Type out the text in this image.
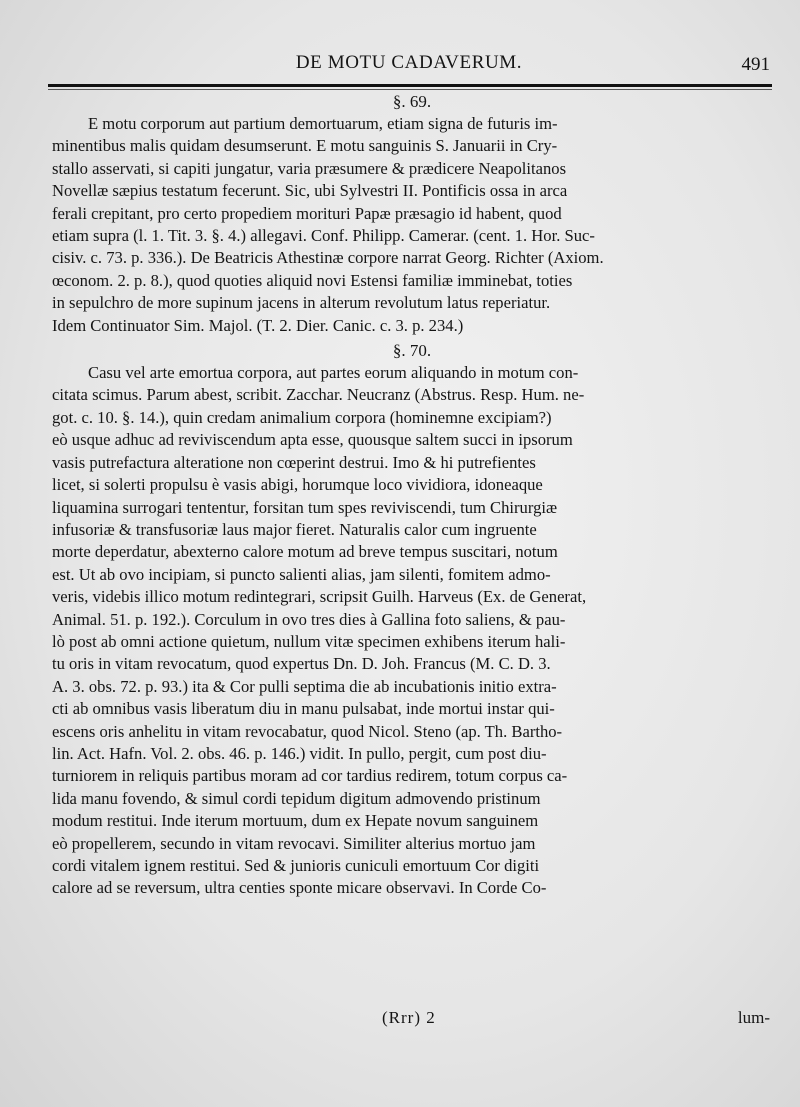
DE MOTU CADAVERUM.	491
§. 69.

E motu corporum aut partium demortuarum, etiam signa de futuris im-
minentibus malis quidam desumserunt. E motu sanguinis S. Januarii in Cry-
stallo asservati, si capiti jungatur, varia præsumere & prædicere Neapolitanos
Novellæ sæpius testatum fecerunt. Sic, ubi Sylvestri II. Pontificis ossa in arca
ferali crepitant, pro certo propediem morituri Papæ præsagio id habent, quod
etiam supra (l. 1. Tit. 3. §. 4.) allegavi. Conf. Philipp. Camerar. (cent. 1. Hor. Suc-
cisiv. c. 73. p. 336.). De Beatricis Athestinæ corpore narrat Georg. Richter (Axiom.
œconom. 2. p. 8.), quod quoties aliquid novi Estensi familiæ imminebat, toties
in sepulchro de more supinum jacens in alterum revolutum latus reperiatur.
Idem Continuator Sim. Majol. (T. 2. Dier. Canic. c. 3. p. 234.)

§. 70.

Casu vel arte emortua corpora, aut partes eorum aliquando in motum con-
citata scimus. Parum abest, scribit. Zacchar. Neucranz (Abstrus. Resp. Hum. ne-
got. c. 10. §. 14.), quin credam animalium corpora (hominemne excipiam?)
eò usque adhuc ad reviviscendum apta esse, quousque saltem succi in ipsorum
vasis putrefactura alteratione non cœperint destrui. Imo & hi putrefientes
licet, si solerti propulsu è vasis abigi, horumque loco vividiora, idoneaque
liquamina surrogari tententur, forsitan tum spes reviviscendi, tum Chirurgiæ
infusoriæ & transfusoriæ laus major fieret. Naturalis calor cum ingruente
morte deperdatur, abexterno calore motum ad breve tempus suscitari, notum
est. Ut ab ovo incipiam, si puncto salienti alias, jam silenti, fomitem admo-
veris, videbis illico motum redintegrari, scripsit Guilh. Harveus (Ex. de Generat,
Animal. 51. p. 192.). Corculum in ovo tres dies à Gallina foto saliens, & pau-
lò post ab omni actione quietum, nullum vitæ specimen exhibens iterum hali-
tu oris in vitam revocatum, quod expertus Dn. D. Joh. Francus (M. C. D. 3.
A. 3. obs. 72. p. 93.) ita & Cor pulli septima die ab incubationis initio extra-
cti ab omnibus vasis liberatum diu in manu pulsabat, inde mortui instar qui-
escens oris anhelitu in vitam revocabatur, quod Nicol. Steno (ap. Th. Bartho-
lin. Act. Hafn. Vol. 2. obs. 46. p. 146.) vidit. In pullo, pergit, cum post diu-
turniorem in reliquis partibus moram ad cor tardius redirem, totum corpus ca-
lida manu fovendo, & simul cordi tepidum digitum admovendo pristinum
modum restitui. Inde iterum mortuum, dum ex Hepate novum sanguinem
eò propellerem, secundo in vitam revocavi. Similiter alterius mortuo jam
cordi vitalem ignem restitui. Sed & junioris cuniculi emortuum Cor digiti
calore ad se reversum, ultra centies sponte micare observavi. In Corde Co-

(Rrr) 2	lum-
